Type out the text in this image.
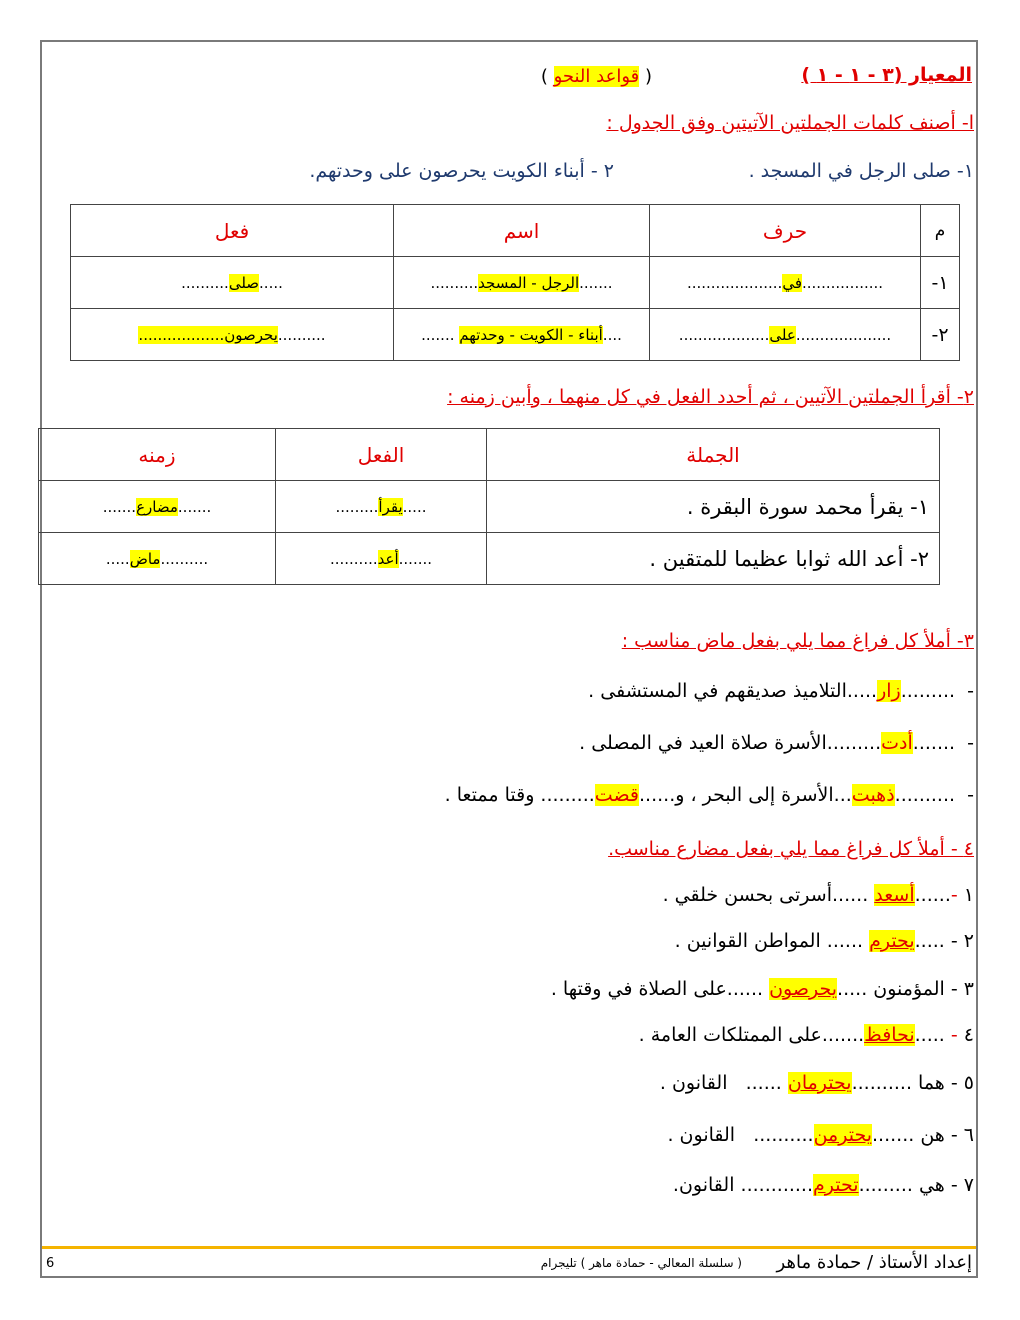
المعيار (٣ - ١ - ١ )
( قواعد النحو )
ا- أصنف كلمات الجملتين الآتيتين وفق الجدول :
١- صلى الرجل في المسجد .
٢ - أبناء الكويت يحرصون على وحدتهم.
م	حرف	اسم	فعل
١-	.................في....................	.......الرجل - المسجد..........	.....صلى..........
٢-	....................على...................	....أبناء - الكويت - وحدتهم .......	..........يحرصون..................
٢- أقرأ الجملتين الآتيين ، ثم أحدد الفعل في كل منهما ، وأبين زمنه :
الجملة	الفعل	زمنه
١- يقرأ محمد سورة البقرة .	.....يقرأ.........	.......مضارع.......
٢- أعد الله ثوابا عظيما للمتقين .	.......أعد..........	..........ماض.....
٣- أملأ كل فراغ مما يلي بفعل ماض مناسب :
-  .........زار.....التلاميذ صديقهم في المستشفى .
-  .......أدت.........الأسرة صلاة العيد في المصلى .
-  ..........ذهبت...الأسرة إلى البحر ، و......قضت......... وقتا ممتعا .
٤ - أملأ كل فراغ مما يلي بفعل مضارع مناسب.
١ -......أسعد ......أسرتى بحسن خلقي .
٢ - .....يحترم ...... المواطن القوانين .
٣ - المؤمنون .....يحرصون ......على الصلاة في وقتها .
٤ - .....نحافظ.......على الممتلكات العامة .
٥ - هما ..........يحترمان ......   القانون .
٦ - هن .......يحترمن..........   القانون .
٧ - هي .........تحترم............ القانون.
إعداد الأستاذ / حمادة ماهر
( سلسلة المعالي - حمادة ماهر ) تليجرام
6
